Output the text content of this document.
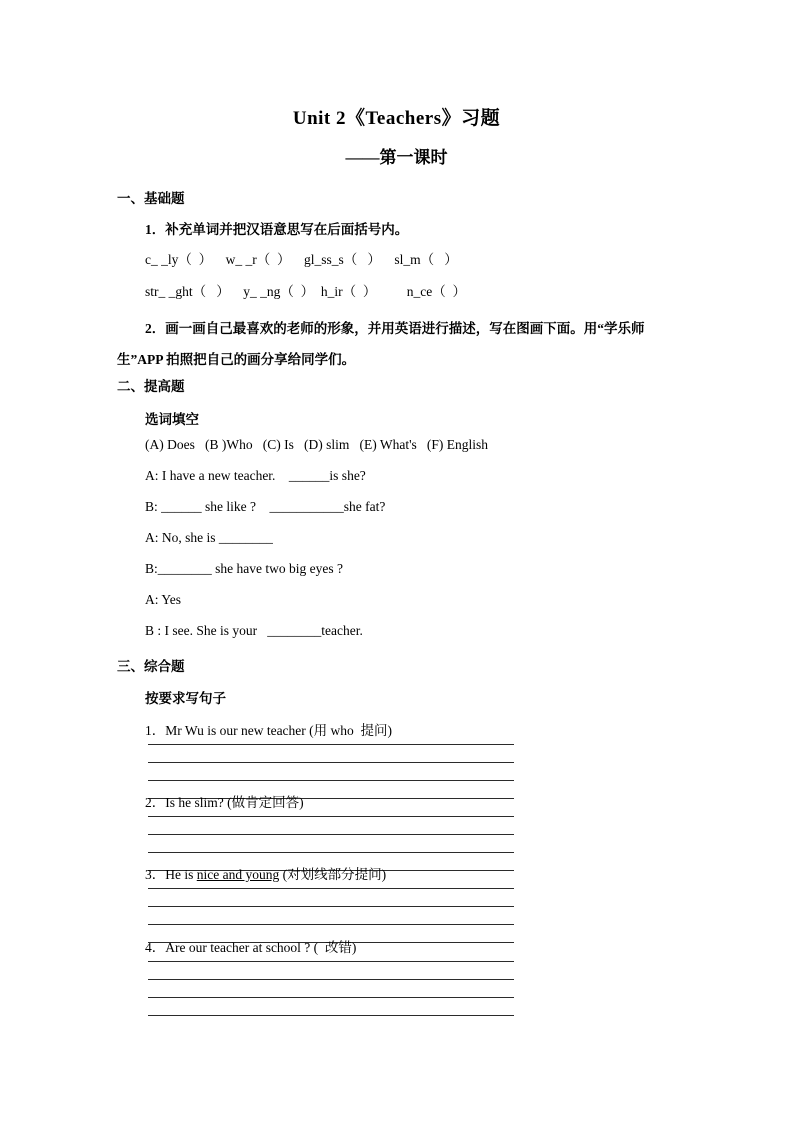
Unit 2《Teachers》习题
——第一课时
一、基础题
1．补充单词并把汉语意思写在后面括号内。
c_ _ly（  ）    w_ _r（  ）    gl_ss_s（   ）    sl_m（   ）
str_ _ght（   ）    y_ _ng（  ）  h_ir（  ）         n_ce（  ）
2．画一画自己最喜欢的老师的形象，并用英语进行描述，写在图画下面。用“学乐师
生”APP 拍照把自己的画分享给同学们。
二、提高题
选词填空
(A) Does   (B )Who   (C) Is   (D) slim   (E) What's   (F) English
A: I have a new teacher.    ______is she?
B: ______ she like ?    ___________she fat?
A: No, she is ________
B:________ she have two big eyes ?
A: Yes
B : I see. She is your   ________teacher.
三、综合题
按要求写句子
1．Mr Wu is our new teacher (用 who  提问)
2．Is he slim? (做肯定回答)
3．He is nice and young (对划线部分提问)
4．Are our teacher at school ? (  改错)
